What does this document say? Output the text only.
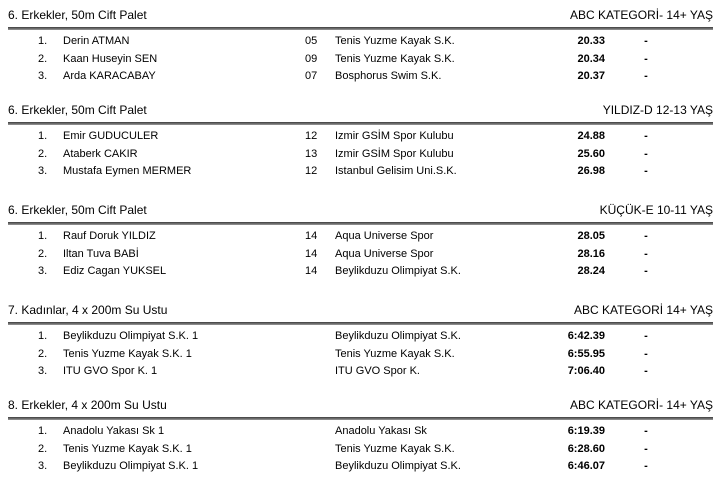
6. Erkekler, 50m Cift Palet	ABC KATEGORİ- 14+ YAŞ
1. Derin ATMAN	05 Tenis Yuzme Kayak S.K.	20.33	-
2. Kaan Huseyin SEN	09 Tenis Yuzme Kayak S.K.	20.34	-
3. Arda KARACABAY	07 Bosphorus Swim S.K.	20.37	-
6. Erkekler, 50m Cift Palet	YILDIZ-D 12-13 YAŞ
1. Emir GUDUCULER	12 Izmir GSİM Spor Kulubu	24.88	-
2. Ataberk CAKIR	13 Izmir GSİM Spor Kulubu	25.60	-
3. Mustafa Eymen MERMER	12 Istanbul Gelisim Uni.S.K.	26.98	-
6. Erkekler, 50m Cift Palet	KÜÇÜK-E 10-11 YAŞ
1. Rauf Doruk YILDIZ	14 Aqua Universe Spor	28.05	-
2. Iltan Tuva BABİ	14 Aqua Universe Spor	28.16	-
3. Ediz Cagan YUKSEL	14 Beylikduzu Olimpiyat S.K.	28.24	-
7. Kadınlar, 4 x 200m Su Ustu	ABC KATEGORİ 14+ YAŞ
1. Beylikduzu Olimpiyat S.K. 1	Beylikduzu Olimpiyat S.K.	6:42.39	-
2. Tenis Yuzme Kayak S.K. 1	Tenis Yuzme Kayak S.K.	6:55.95	-
3. ITU GVO Spor K. 1	ITU GVO Spor K.	7:06.40	-
8. Erkekler, 4 x 200m Su Ustu	ABC KATEGORİ- 14+ YAŞ
1. Anadolu Yakası Sk 1	Anadolu Yakası Sk	6:19.39	-
2. Tenis Yuzme Kayak S.K. 1	Tenis Yuzme Kayak S.K.	6:28.60	-
3. Beylikduzu Olimpiyat S.K. 1	Beylikduzu Olimpiyat S.K.	6:46.07	-
